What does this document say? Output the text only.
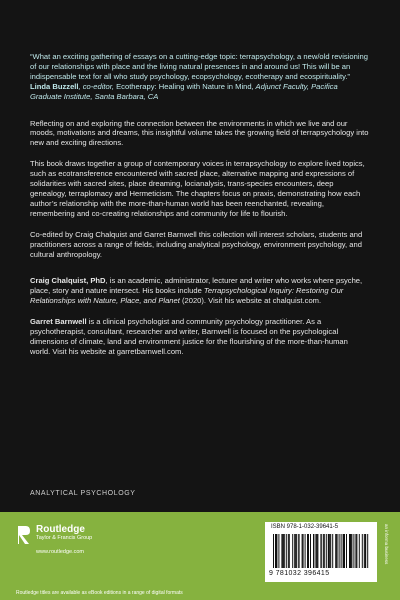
“What an exciting gathering of essays on a cutting-edge topic: terrapsychology, a new/old revisioning of our relationships with place and the living natural presences in and around us! This will be an indispensable text for all who study psychology, ecopsychology, ecotherapy and ecospirituality.”

Linda Buzzell, co-editor, Ecotherapy: Healing with Nature in Mind, Adjunct Faculty, Pacifica Graduate Institute, Santa Barbara, CA

Reflecting on and exploring the connection between the environments in which we live and our moods, motivations and dreams, this insightful volume takes the growing field of terrapsychology into new and exciting directions.

This book draws together a group of contemporary voices in terrapsychology to explore lived topics, such as ecotransference encountered with sacred place, alternative mapping and expressions of solidarities with sacred sites, place dreaming, locianalysis, trans-species encounters, deep genealogy, terraplomacy and Hermeticism. The chapters focus on praxis, demonstrating how each author’s relationship with the more-than-human world has been reenchanted, revealing, remembering and co-creating relationships and community for life to flourish.

Co-edited by Craig Chalquist and Garret Barnwell this collection will interest scholars, students and practitioners across a range of fields, including analytical psychology, environment psychology, and cultural anthropology.

Craig Chalquist, PhD, is an academic, administrator, lecturer and writer who works where psyche, place, story and nature intersect. His books include Terrapsychological Inquiry: Restoring Our Relationships with Nature, Place, and Planet (2020). Visit his website at chalquist.com.

Garret Barnwell is a clinical psychologist and community psychology practitioner. As a psychotherapist, consultant, researcher and writer, Barnwell is focused on the psychological dimensions of climate, land and environment justice for the flourishing of the more-than-human world. Visit his website at garretbarnwell.com.

ANALYTICAL PSYCHOLOGY
Routledge
Taylor & Francis Group
www.routledge.com
Routledge titles are available as eBook editions in a range of digital formats
ISBN 978-1-032-39641-5
9 781032 396415
an informa business
